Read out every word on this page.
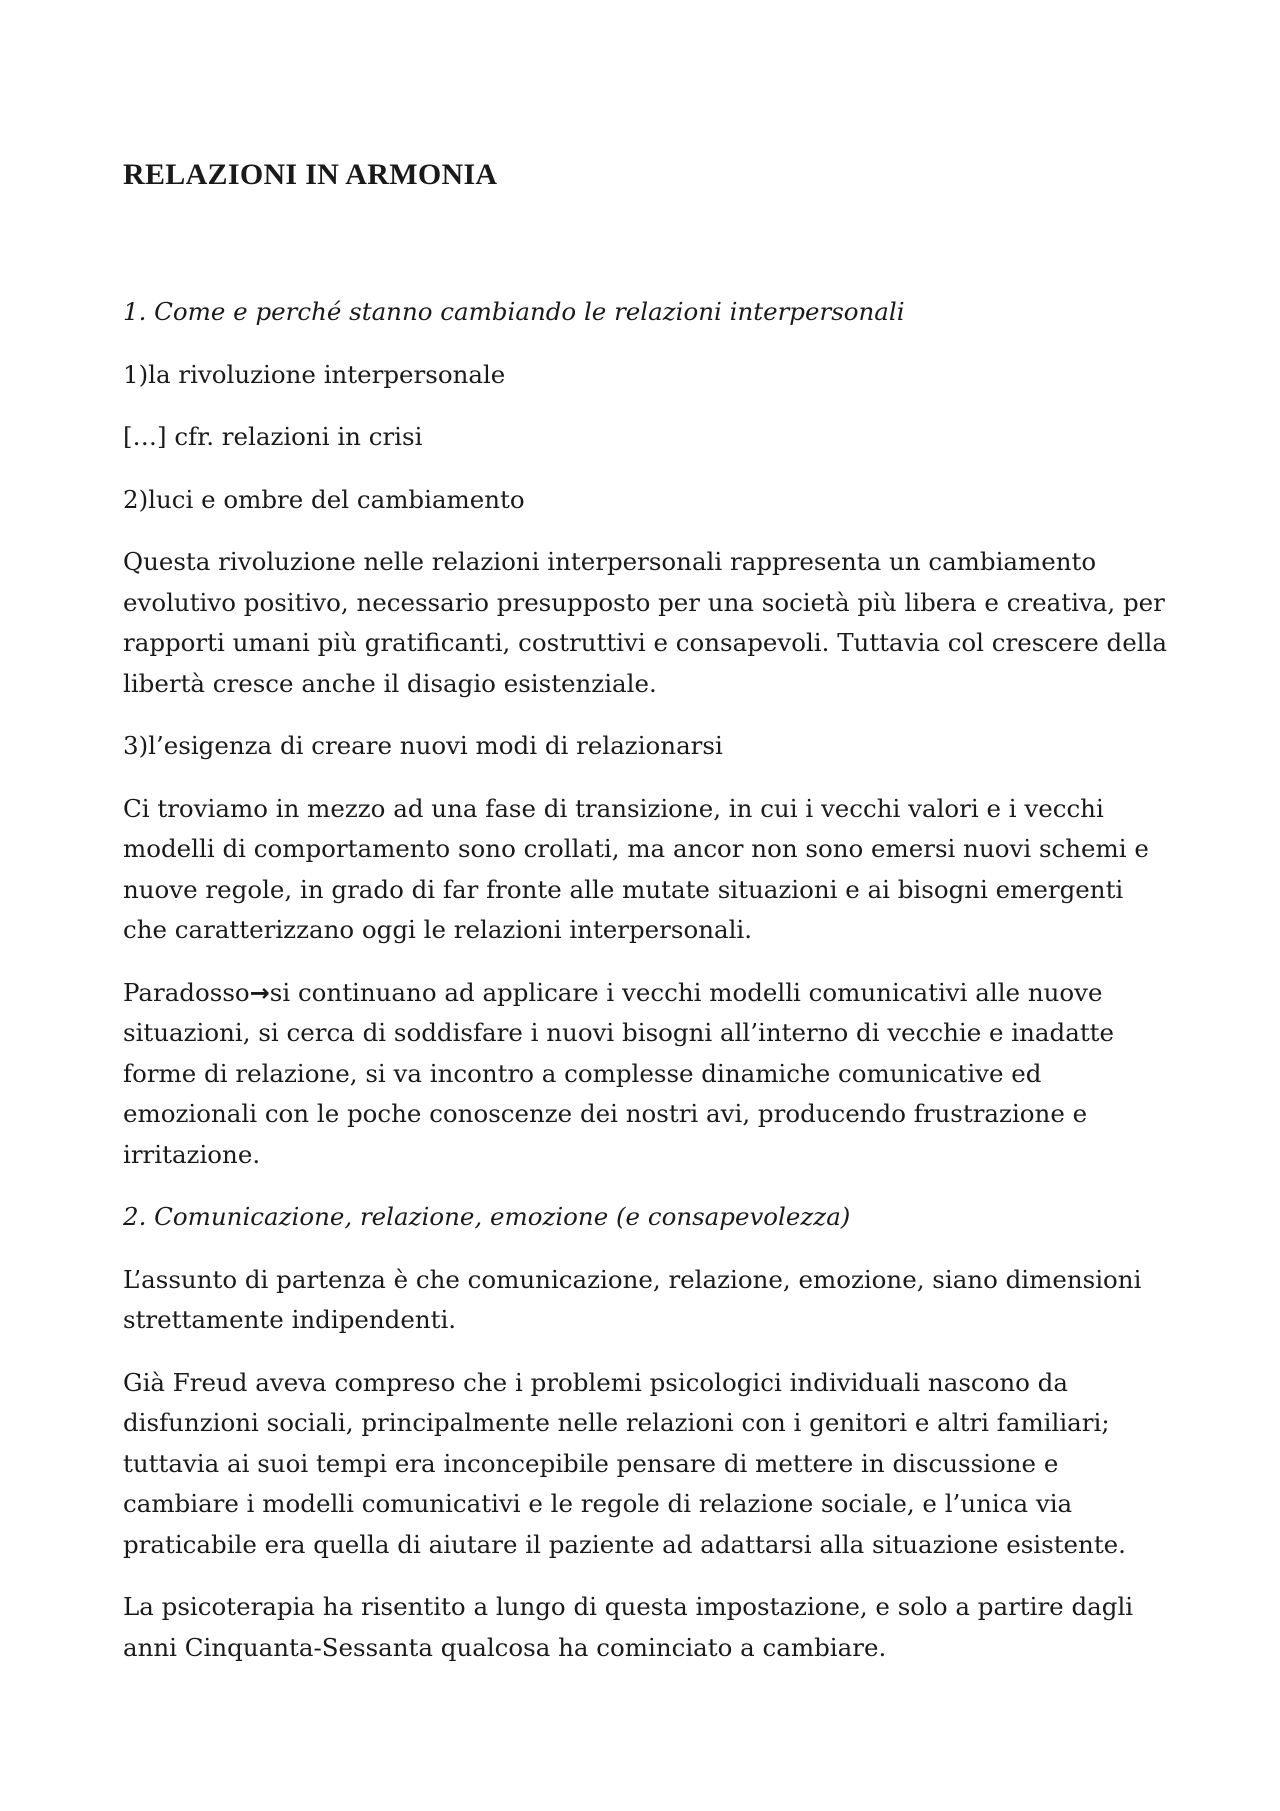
RELAZIONI IN ARMONIA

1. Come e perché stanno cambiando le relazioni interpersonali

1)la rivoluzione interpersonale

[…] cfr. relazioni in crisi

2)luci e ombre del cambiamento

Questa rivoluzione nelle relazioni interpersonali rappresenta un cambiamento evolutivo positivo, necessario presupposto per una società più libera e creativa, per rapporti umani più gratificanti, costruttivi e consapevoli. Tuttavia col crescere della libertà cresce anche il disagio esistenziale.

3)l’esigenza di creare nuovi modi di relazionarsi

Ci troviamo in mezzo ad una fase di transizione, in cui i vecchi valori e i vecchi modelli di comportamento sono crollati, ma ancor non sono emersi nuovi schemi e nuove regole, in grado di far fronte alle mutate situazioni e ai bisogni emergenti che caratterizzano oggi le relazioni interpersonali.

Paradosso→si continuano ad applicare i vecchi modelli comunicativi alle nuove situazioni, si cerca di soddisfare i nuovi bisogni all’interno di vecchie e inadatte forme di relazione, si va incontro a complesse dinamiche comunicative ed emozionali con le poche conoscenze dei nostri avi, producendo frustrazione e irritazione.

2. Comunicazione, relazione, emozione (e consapevolezza)

L’assunto di partenza è che comunicazione, relazione, emozione, siano dimensioni strettamente indipendenti.

Già Freud aveva compreso che i problemi psicologici individuali nascono da disfunzioni sociali, principalmente nelle relazioni con i genitori e altri familiari; tuttavia ai suoi tempi era inconcepibile pensare di mettere in discussione e cambiare i modelli comunicativi e le regole di relazione sociale, e l’unica via praticabile era quella di aiutare il paziente ad adattarsi alla situazione esistente.

La psicoterapia ha risentito a lungo di questa impostazione, e solo a partire dagli anni Cinquanta-Sessanta qualcosa ha cominciato a cambiare.
